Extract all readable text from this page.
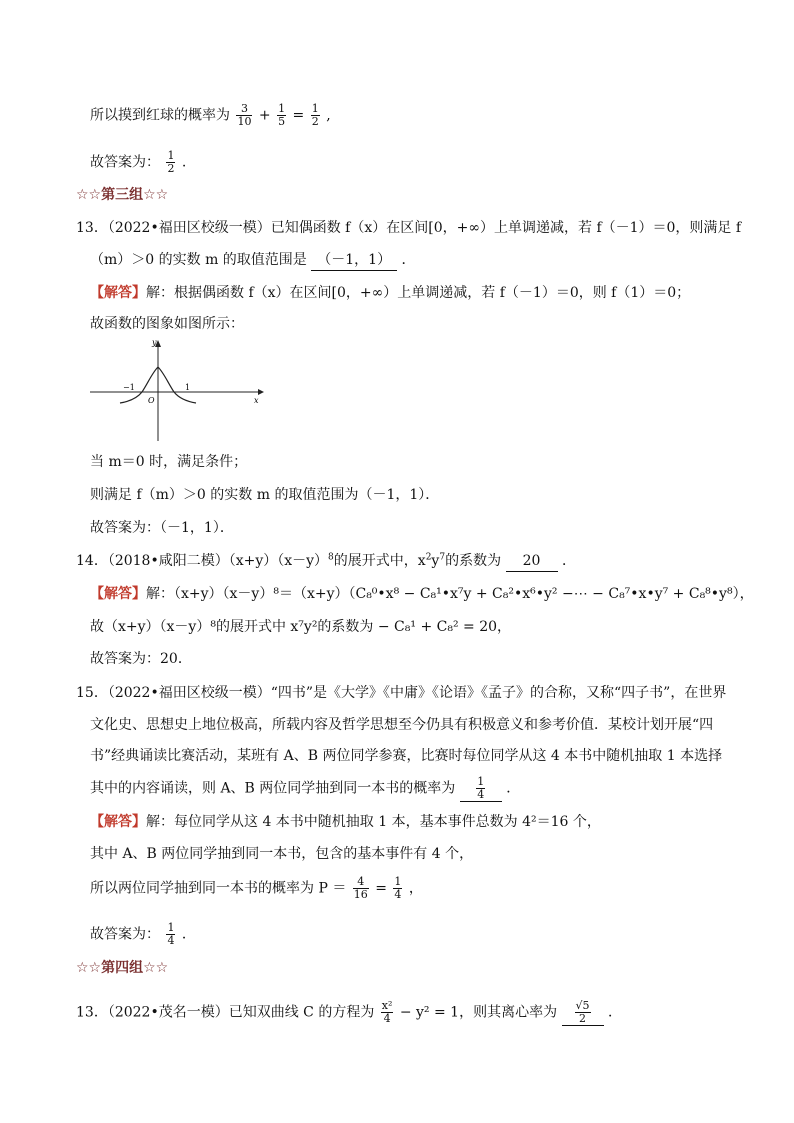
所以摸到红球的概率为 $\frac{3}{10} + \frac{1}{5} = \frac{1}{2}$ ,
故答案为： $\frac{1}{2}$ .
☆☆第三组☆☆
13．（2022•福田区校级一模）已知偶函数 f（x）在区间[0，+∞）上单调递减，若 f（－1）＝0，则满足 f
（m）＞0 的实数 m 的取值范围是 （－1，1） ．
【解答】解：根据偶函数 f（x）在区间[0，+∞）上单调递减，若 f（－1）＝0，则 f（1）＝0；
故函数的图象如图所示：
y
x
−1	1
O
当 m＝0 时，满足条件；
则满足 f（m）＞0 的实数 m 的取值范围为（－1，1）．
故答案为：（－1，1）．
14．（2018•咸阳二模）$(x+y)(x-y)^8$的展开式中，$x^2y^7$的系数为 20 ．
【解答】解：（x+y）（x－y）⁸＝（x+y）（C₈⁰•x⁸ − C₈¹•x⁷y + C₈²•x⁶•y² −⋯ − C₈⁷•x•y⁷ + C₈⁸•y⁸），
故（x+y）（x－y）⁸的展开式中 x⁷y²的系数为 − C₈¹ + C₈² = 20，
故答案为：20．
15．（2022•福田区校级一模）“四书”是《大学》《中庸》《论语》《孟子》的合称，又称“四子书”，在世界
文化史、思想史上地位极高，所载内容及哲学思想至今仍具有积极意义和参考价值．某校计划开展“四
书”经典诵读比赛活动，某班有 A、B 两位同学参赛，比赛时每位同学从这 4 本书中随机抽取 1 本选择
其中的内容诵读，则 A、B 两位同学抽到同一本书的概率为 $\frac{1}{4}$ ．
【解答】解：每位同学从这 4 本书中随机抽取 1 本，基本事件总数为 4²＝16 个，
其中 A、B 两位同学抽到同一本书，包含的基本事件有 4 个，
所以两位同学抽到同一本书的概率为 $P = \frac{4}{16} = \frac{1}{4}$ ，
故答案为： $\frac{1}{4}$ ．
☆☆第四组☆☆
13．（2022•茂名一模）已知双曲线 C 的方程为 $\frac{\text{x²}}{4} - y^2 = 1$，则其离心率为 $\frac{√5}{2}$ ．
